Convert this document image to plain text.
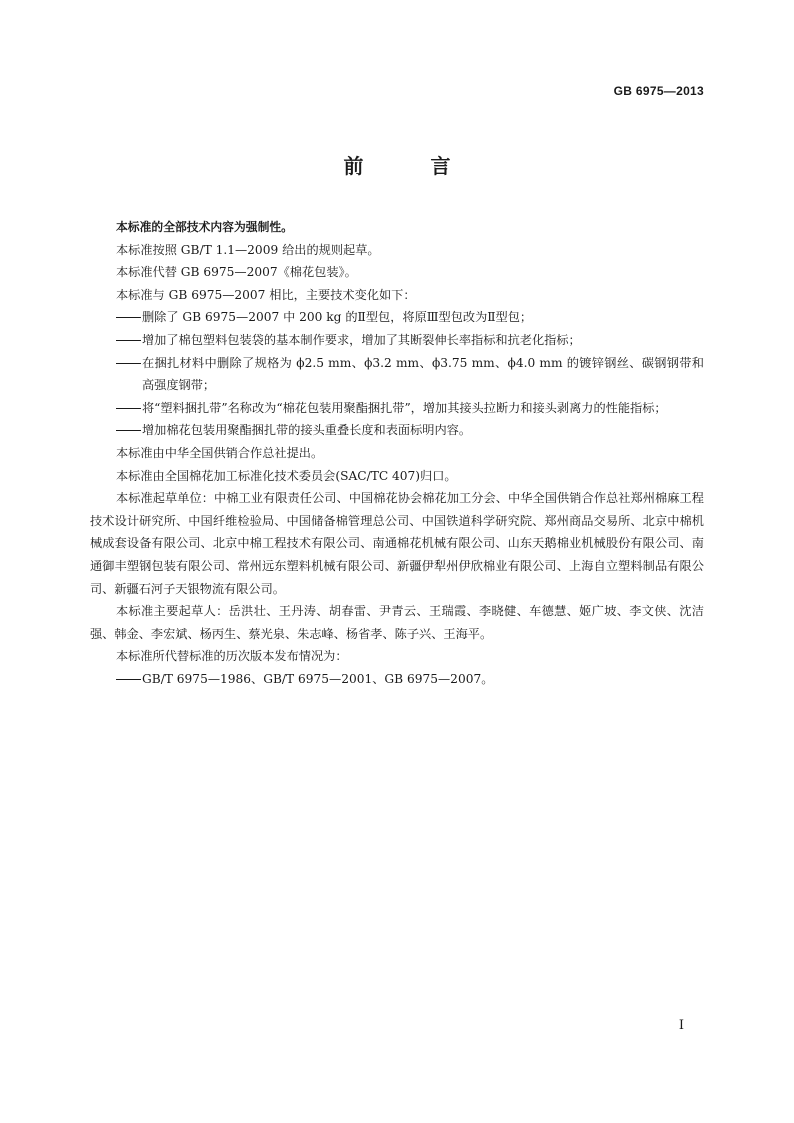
GB 6975—2013
前 言

本标准的全部技术内容为强制性。

本标准按照 GB/T 1.1—2009 给出的规则起草。

本标准代替 GB 6975—2007《棉花包装》。

本标准与 GB 6975—2007 相比，主要技术变化如下：

删除了 GB 6975—2007 中 200 kg 的Ⅱ型包，将原Ⅲ型包改为Ⅱ型包；

增加了棉包塑料包装袋的基本制作要求，增加了其断裂伸长率指标和抗老化指标；

在捆扎材料中删除了规格为 ϕ2.5 mm、ϕ3.2 mm、ϕ3.75 mm、ϕ4.0 mm 的镀锌钢丝、碳钢钢带和高强度钢带；

将“塑料捆扎带”名称改为“棉花包装用聚酯捆扎带”，增加其接头拉断力和接头剥离力的性能指标；

增加棉花包装用聚酯捆扎带的接头重叠长度和表面标明内容。

本标准由中华全国供销合作总社提出。

本标准由全国棉花加工标准化技术委员会(SAC/TC 407)归口。

本标准起草单位：中棉工业有限责任公司、中国棉花协会棉花加工分会、中华全国供销合作总社郑州棉麻工程技术设计研究所、中国纤维检验局、中国储备棉管理总公司、中国铁道科学研究院、郑州商品交易所、北京中棉机械成套设备有限公司、北京中棉工程技术有限公司、南通棉花机械有限公司、山东天鹅棉业机械股份有限公司、南通御丰塑钢包装有限公司、常州远东塑料机械有限公司、新疆伊犁州伊欣棉业有限公司、上海自立塑料制品有限公司、新疆石河子天银物流有限公司。

本标准主要起草人：岳洪壮、王丹涛、胡春雷、尹青云、王瑞霞、李晓健、车德慧、姬广坡、李文侠、沈洁强、韩金、李宏斌、杨丙生、蔡光泉、朱志峰、杨省孝、陈子兴、王海平。

本标准所代替标准的历次版本发布情况为：

GB/T 6975—1986、GB/T 6975—2001、GB 6975—2007。

I
